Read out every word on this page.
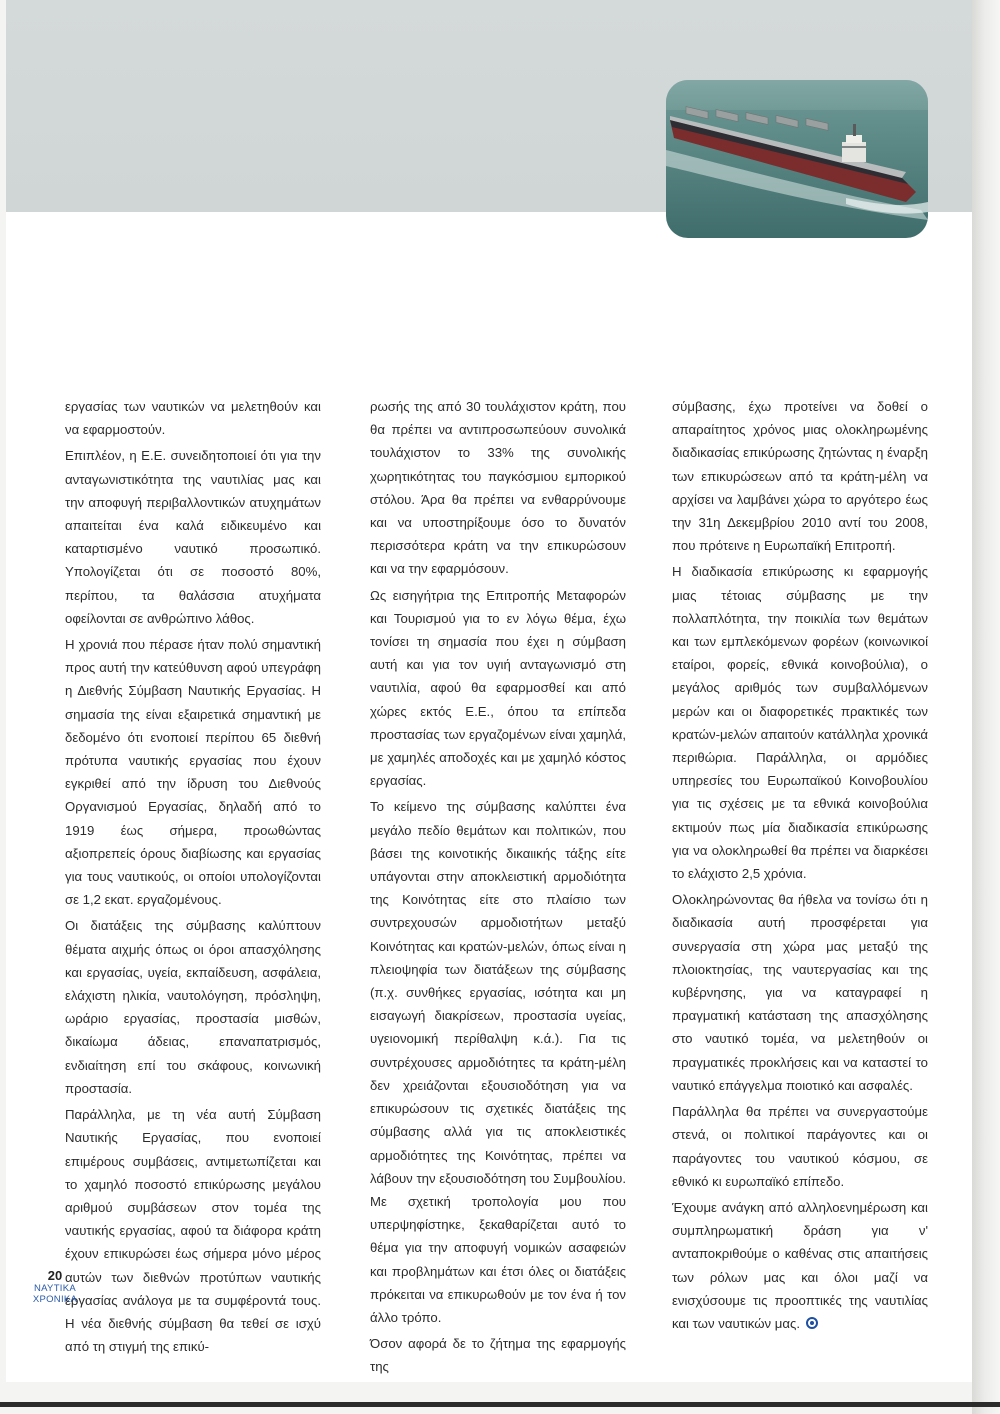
εργασίας των ναυτικών να μελετηθούν και να εφαρμοστούν.

Επιπλέον, η Ε.Ε. συνειδητοποιεί ότι για την ανταγωνιστικότητα της ναυτιλίας μας και την αποφυγή περιβαλλοντικών ατυχημάτων απαιτείται ένα καλά ειδικευμένο και καταρτισμένο ναυτικό προσωπικό. Υπολογίζεται ότι σε ποσοστό 80%, περίπου, τα θαλάσσια ατυχήματα οφείλονται σε ανθρώπινο λάθος.

Η χρονιά που πέρασε ήταν πολύ σημαντική προς αυτή την κατεύθυνση αφού υπεγράφη η Διεθνής Σύμβαση Ναυτικής Εργασίας. Η σημασία της είναι εξαιρετικά σημαντική με δεδομένο ότι ενοποιεί περίπου 65 διεθνή πρότυπα ναυτικής εργασίας που έχουν εγκριθεί από την ίδρυση του Διεθνούς Οργανισμού Εργασίας, δηλαδή από το 1919 έως σήμερα, προωθώντας αξιοπρεπείς όρους διαβίωσης και εργασίας για τους ναυτικούς, οι οποίοι υπολογίζονται σε 1,2 εκατ. εργαζομένους.

Οι διατάξεις της σύμβασης καλύπτουν θέματα αιχμής όπως οι όροι απασχόλησης και εργασίας, υγεία, εκπαίδευση, ασφάλεια, ελάχιστη ηλικία, ναυτολόγηση, πρόσληψη, ωράριο εργασίας, προστασία μισθών, δικαίωμα άδειας, επαναπατρισμός, ενδιαίτηση επί του σκάφους, κοινωνική προστασία.

Παράλληλα, με τη νέα αυτή Σύμβαση Ναυτικής Εργασίας, που ενοποιεί επιμέρους συμβάσεις, αντιμετωπίζεται και το χαμηλό ποσοστό επικύρωσης μεγάλου αριθμού συμβάσεων στον τομέα της ναυτικής εργασίας, αφού τα διάφορα κράτη έχουν επικυρώσει έως σήμερα μόνο μέρος αυτών των διεθνών προτύπων ναυτικής εργασίας ανάλογα με τα συμφέροντά τους. Η νέα διεθνής σύμβαση θα τεθεί σε ισχύ από τη στιγμή της επικύ-

ρωσής της από 30 τουλάχιστον κράτη, που θα πρέπει να αντιπροσωπεύουν συνολικά τουλάχιστον το 33% της συνολικής χωρητικότητας του παγκόσμιου εμπορικού στόλου. Άρα θα πρέπει να ενθαρρύνουμε και να υποστηρίξουμε όσο το δυνατόν περισσότερα κράτη να την επικυρώσουν και να την εφαρμόσουν.

Ως εισηγήτρια της Επιτροπής Μεταφορών και Τουρισμού για το εν λόγω θέμα, έχω τονίσει τη σημασία που έχει η σύμβαση αυτή και για τον υγιή ανταγωνισμό στη ναυτιλία, αφού θα εφαρμοσθεί και από χώρες εκτός Ε.Ε., όπου τα επίπεδα προστασίας των εργαζομένων είναι χαμηλά, με χαμηλές αποδοχές και με χαμηλό κόστος εργασίας.

Το κείμενο της σύμβασης καλύπτει ένα μεγάλο πεδίο θεμάτων και πολιτικών, που βάσει της κοινοτικής δικαιικής τάξης είτε υπάγονται στην αποκλειστική αρμοδιότητα της Κοινότητας είτε στο πλαίσιο των συντρεχουσών αρμοδιοτήτων μεταξύ Κοινότητας και κρατών-μελών, όπως είναι η πλειοψηφία των διατάξεων της σύμβασης (π.χ. συνθήκες εργασίας, ισότητα και μη εισαγωγή διακρίσεων, προστασία υγείας, υγειονομική περίθαλψη κ.ά.). Για τις συντρέχουσες αρμοδιότητες τα κράτη-μέλη δεν χρειάζονται εξουσιοδότηση για να επικυρώσουν τις σχετικές διατάξεις της σύμβασης αλλά για τις αποκλειστικές αρμοδιότητες της Κοινότητας, πρέπει να λάβουν την εξουσιοδότηση του Συμβουλίου. Με σχετική τροπολογία μου που υπερψηφίστηκε, ξεκαθαρίζεται αυτό το θέμα για την αποφυγή νομικών ασαφειών και προβλημάτων και έτσι όλες οι διατάξεις πρόκειται να επικυρωθούν με τον ένα ή τον άλλο τρόπο.

Όσον αφορά δε το ζήτημα της εφαρμογής της

σύμβασης, έχω προτείνει να δοθεί ο απαραίτητος χρόνος μιας ολοκληρωμένης διαδικασίας επικύρωσης ζητώντας η έναρξη των επικυρώσεων από τα κράτη-μέλη να αρχίσει να λαμβάνει χώρα το αργότερο έως την 31η Δεκεμβρίου 2010 αντί του 2008, που πρότεινε η Ευρωπαϊκή Επιτροπή.

Η διαδικασία επικύρωσης κι εφαρμογής μιας τέτοιας σύμβασης με την πολλαπλότητα, την ποικιλία των θεμάτων και των εμπλεκόμενων φορέων (κοινωνικοί εταίροι, φορείς, εθνικά κοινοβούλια), ο μεγάλος αριθμός των συμβαλλόμενων μερών και οι διαφορετικές πρακτικές των κρατών-μελών απαιτούν κατάλληλα χρονικά περιθώρια. Παράλληλα, οι αρμόδιες υπηρεσίες του Ευρωπαϊκού Κοινοβουλίου για τις σχέσεις με τα εθνικά κοινοβούλια εκτιμούν πως μία διαδικασία επικύρωσης για να ολοκληρωθεί θα πρέπει να διαρκέσει το ελάχιστο 2,5 χρόνια.

Ολοκληρώνοντας θα ήθελα να τονίσω ότι η διαδικασία αυτή προσφέρεται για συνεργασία στη χώρα μας μεταξύ της πλοιοκτησίας, της ναυτεργασίας και της κυβέρνησης, για να καταγραφεί η πραγματική κατάσταση της απασχόλησης στο ναυτικό τομέα, να μελετηθούν οι πραγματικές προκλήσεις και να καταστεί το ναυτικό επάγγελμα ποιοτικό και ασφαλές.

Παράλληλα θα πρέπει να συνεργαστούμε στενά, οι πολιτικοί παράγοντες και οι παράγοντες του ναυτικού κόσμου, σε εθνικό κι ευρωπαϊκό επίπεδο.

Έχουμε ανάγκη από αλληλοενημέρωση και συμπληρωματική δράση για ν' ανταποκριθούμε ο καθένας στις απαιτήσεις των ρόλων μας και όλοι μαζί να ενισχύσουμε τις προοπτικές της ναυτιλίας και των ναυτικών μας.

20
ΝΑΥΤΙΚΑ
ΧΡΟΝΙΚΑ
